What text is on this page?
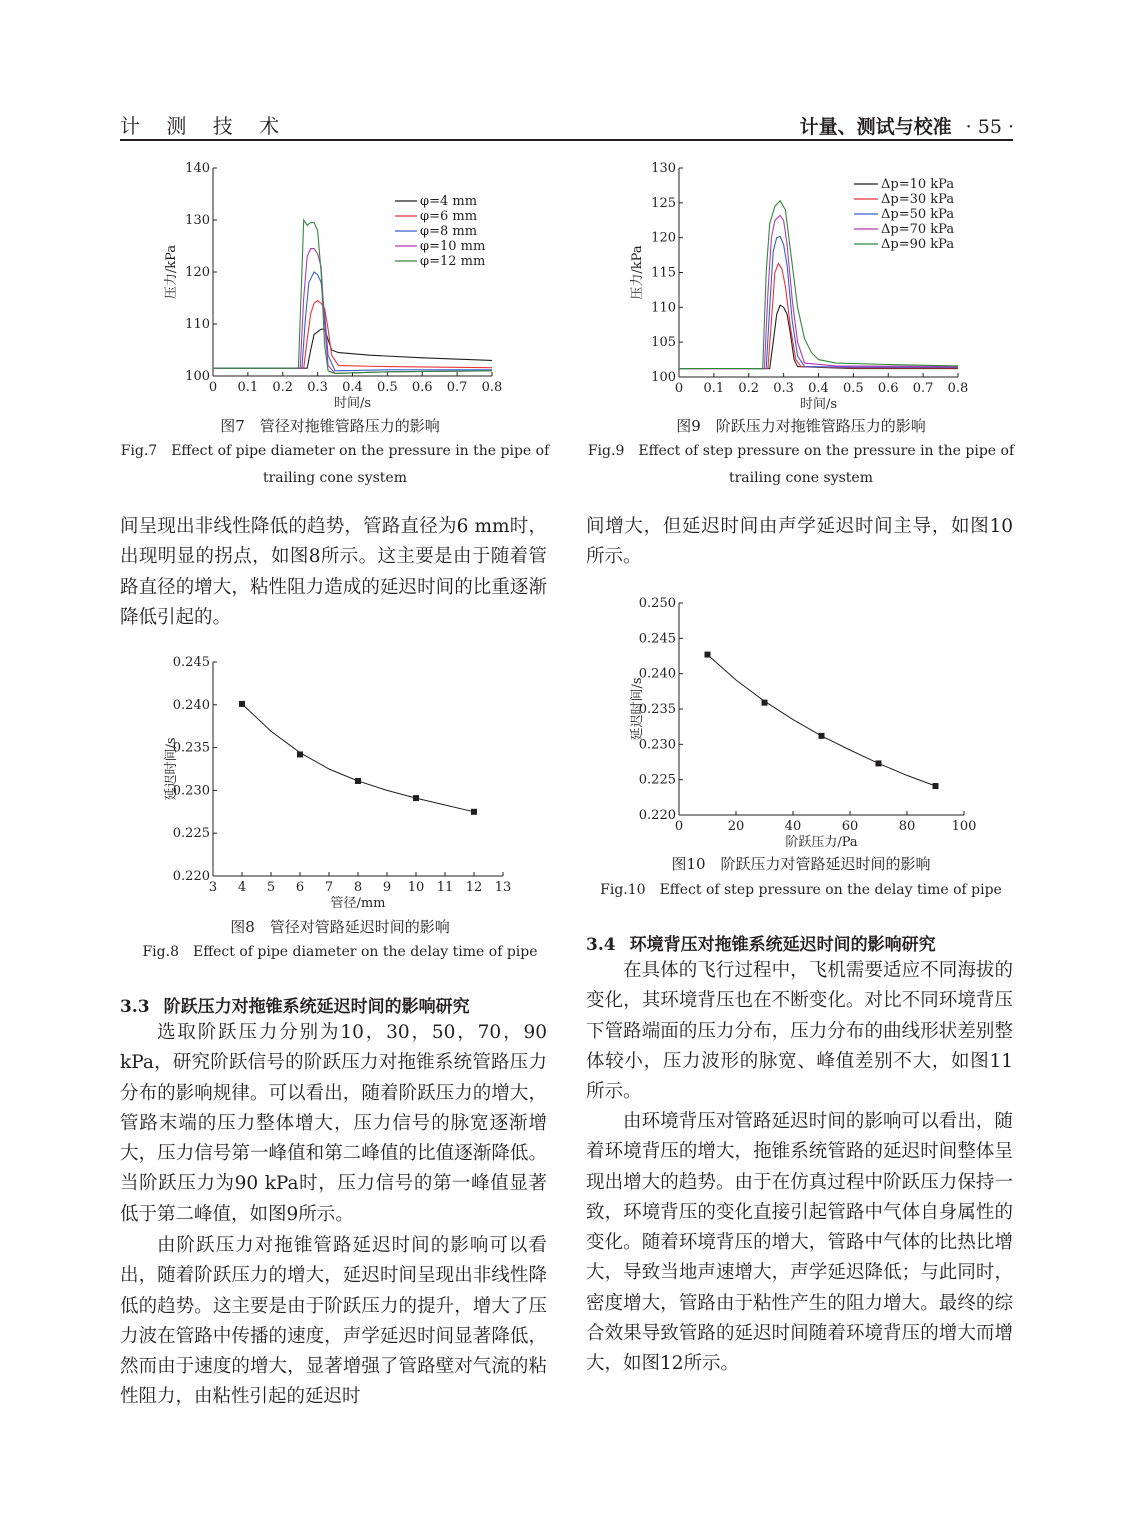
计 测 技 术	计量、测试与校准 · 55 ·
0 0.1 0.2 0.3 0.4 0.5 0.6 0.7 0.8
100
110
120
130
140
时间/s
压力/kPa
φ=4 mm
φ=6 mm
φ=8 mm
φ=10 mm
φ=12 mm
图7　管径对拖锥管路压力的影响
Fig.7　Effect of pipe diameter on the pressure in the pipe of trailing cone system
0 0.1 0.2 0.3 0.4 0.5 0.6 0.7 0.8
100
105
110
115
120
125
130
时间/s
压力/kPa
Δp=10 kPa
Δp=30 kPa
Δp=50 kPa
Δp=70 kPa
Δp=90 kPa
图9　阶跃压力对拖锥管路压力的影响
Fig.9　Effect of step pressure on the pressure in the pipe of trailing cone system

间呈现出非线性降低的趋势，管路直径为6 mm时，出现明显的拐点，如图8所示。这主要是由于随着管路直径的增大，粘性阻力造成的延迟时间的比重逐渐降低引起的。

3 4 5 6 7 8 9 10 11 12 13
0.220
0.225
0.230
0.235
0.240
0.245
管径/mm
延迟时间/s
图8　管径对管路延迟时间的影响
Fig.8　Effect of pipe diameter on the delay time of pipe
3.3 阶跃压力对拖锥系统延迟时间的影响研究

选取阶跃压力分别为10，30，50，70，90 kPa，研究阶跃信号的阶跃压力对拖锥系统管路压力分布的影响规律。可以看出，随着阶跃压力的增大，管路末端的压力整体增大，压力信号的脉宽逐渐增大，压力信号第一峰值和第二峰值的比值逐渐降低。当阶跃压力为90 kPa时，压力信号的第一峰值显著低于第二峰值，如图9所示。

由阶跃压力对拖锥管路延迟时间的影响可以看出，随着阶跃压力的增大，延迟时间呈现出非线性降低的趋势。这主要是由于阶跃压力的提升，增大了压力波在管路中传播的速度，声学延迟时间显著降低，然而由于速度的增大，显著增强了管路壁对气流的粘性阻力，由粘性引起的延迟时

间增大，但延迟时间由声学延迟时间主导，如图10所示。

0	20	40	60	80	100
0.220
0.225
0.230
0.235
0.240
0.245
0.250
阶跃压力/Pa
延迟时间/s
图10　阶跃压力对管路延迟时间的影响
Fig.10　Effect of step pressure on the delay time of pipe
3.4 环境背压对拖锥系统延迟时间的影响研究

在具体的飞行过程中，飞机需要适应不同海拔的变化，其环境背压也在不断变化。对比不同环境背压下管路端面的压力分布，压力分布的曲线形状差别整体较小，压力波形的脉宽、峰值差别不大，如图11所示。

由环境背压对管路延迟时间的影响可以看出，随着环境背压的增大，拖锥系统管路的延迟时间整体呈现出增大的趋势。由于在仿真过程中阶跃压力保持一致，环境背压的变化直接引起管路中气体自身属性的变化。随着环境背压的增大，管路中气体的比热比增大，导致当地声速增大，声学延迟降低；与此同时，密度增大，管路由于粘性产生的阻力增大。最终的综合效果导致管路的延迟时间随着环境背压的增大而增大，如图12所示。
